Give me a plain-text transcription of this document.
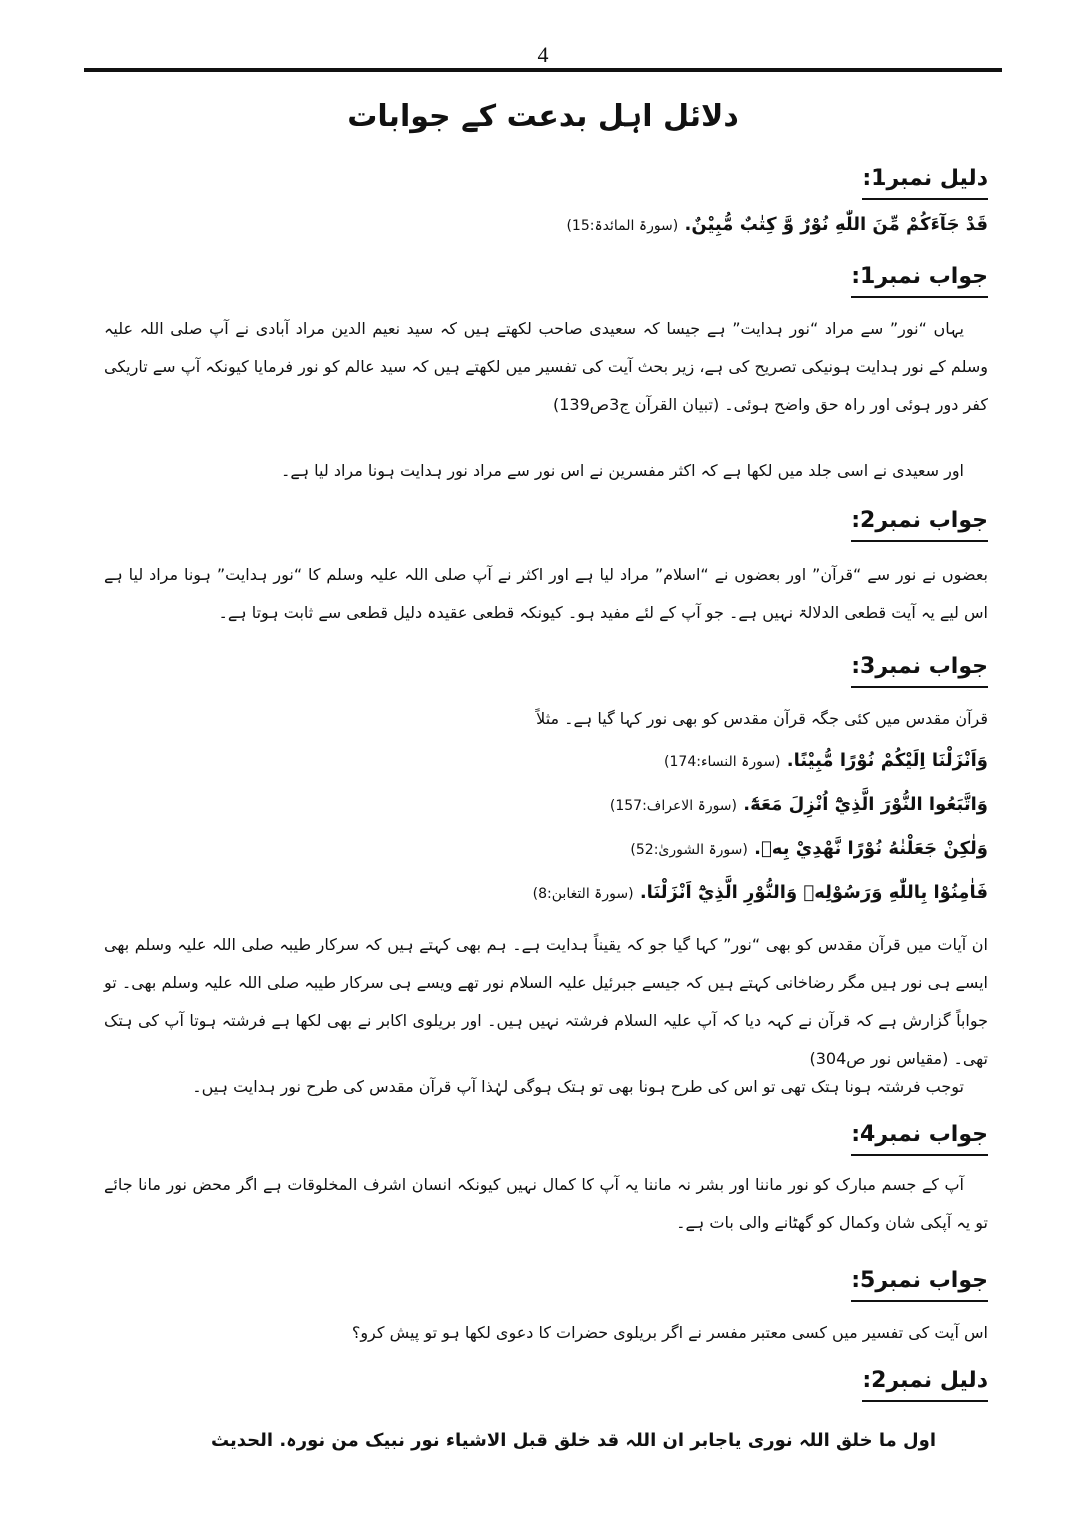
4
دلائل اہل بدعت کے جوابات
دلیل نمبر1:
قَدْ جَآءَكُمْ مِّنَ اللّٰهِ نُوْرٌ وَّ كِتٰبٌ مُّبِيْنٌ. (سورۃ المائدۃ:15)
جواب نمبر1:
یہاں “نور” سے مراد “نور ہدایت” ہے جیسا کہ سعیدی صاحب لکھتے ہیں کہ سید نعیم الدین مراد آبادی نے آپ صلی اللہ علیہ وسلم کے نور ہدایت ہونیکی تصریح کی ہے، زیر بحث آیت کی تفسیر میں لکھتے ہیں کہ سید عالم کو نور فرمایا کیونکہ آپ سے تاریکی کفر دور ہوئی اور راہ حق واضح ہوئی۔ (تبیان القرآن ج3ص139)
اور سعیدی نے اسی جلد میں لکھا ہے کہ اکثر مفسرین نے اس نور سے مراد نور ہدایت ہونا مراد لیا ہے۔
جواب نمبر2:
بعضوں نے نور سے “قرآن” اور بعضوں نے “اسلام” مراد لیا ہے اور اکثر نے آپ صلی اللہ علیہ وسلم کا “نور ہدایت” ہونا مراد لیا ہے اس لیے یہ آیت قطعی الدلالۃ نہیں ہے۔ جو آپ کے لئے مفید ہو۔ کیونکہ قطعی عقیدہ دلیل قطعی سے ثابت ہوتا ہے۔
جواب نمبر3:
قرآن مقدس میں کئی جگہ قرآن مقدس کو بھی نور کہا گیا ہے۔ مثلاً
وَاَنْزَلْنَا اِلَيْكُمْ نُوْرًا مُّبِيْنًا. (سورۃ النساء:174)
وَاتَّبَعُوا النُّوْرَ الَّذِيْٓ اُنْزِلَ مَعَهٗٓ. (سورۃ الاعراف:157)
وَلٰكِنْ جَعَلْنٰهُ نُوْرًا نَّهْدِيْ بِهٖ. (سورۃ الشوریٰ:52)
فَاٰمِنُوْا بِاللّٰهِ وَرَسُوْلِهٖ وَالنُّوْرِ الَّذِيْٓ اَنْزَلْنَا. (سورۃ التغابن:8)
ان آیات میں قرآن مقدس کو بھی “نور” کہا گیا جو کہ یقیناً ہدایت ہے۔ ہم بھی کہتے ہیں کہ سرکار طیبہ صلی اللہ علیہ وسلم بھی ایسے ہی نور ہیں مگر رضاخانی کہتے ہیں کہ جیسے جبرئیل علیہ السلام نور تھے ویسے ہی سرکار طیبہ صلی اللہ علیہ وسلم بھی۔ تو جواباً گزارش ہے کہ قرآن نے کہہ دیا کہ آپ علیہ السلام فرشتہ نہیں ہیں۔ اور بریلوی اکابر نے بھی لکھا ہے فرشتہ ہوتا آپ کی ہتک تھی۔ (مقیاس نور ص304)
توجب فرشتہ ہونا ہتک تھی تو اس کی طرح ہونا بھی تو ہتک ہوگی لہٰذا آپ قرآن مقدس کی طرح نور ہدایت ہیں۔
جواب نمبر4:
آپ کے جسم مبارک کو نور ماننا اور بشر نہ ماننا یہ آپ کا کمال نہیں کیونکہ انسان اشرف المخلوقات ہے اگر محض نور مانا جائے تو یہ آپکی شان وکمال کو گھٹانے والی بات ہے۔
جواب نمبر5:
اس آیت کی تفسیر میں کسی معتبر مفسر نے اگر بریلوی حضرات کا دعوی لکھا ہو تو پیش کرو؟
دلیل نمبر2:
اول ما خلق اللہ نوری یاجابر ان اللہ قد خلق قبل الاشیاء نور نبیک من نورہ. الحدیث
